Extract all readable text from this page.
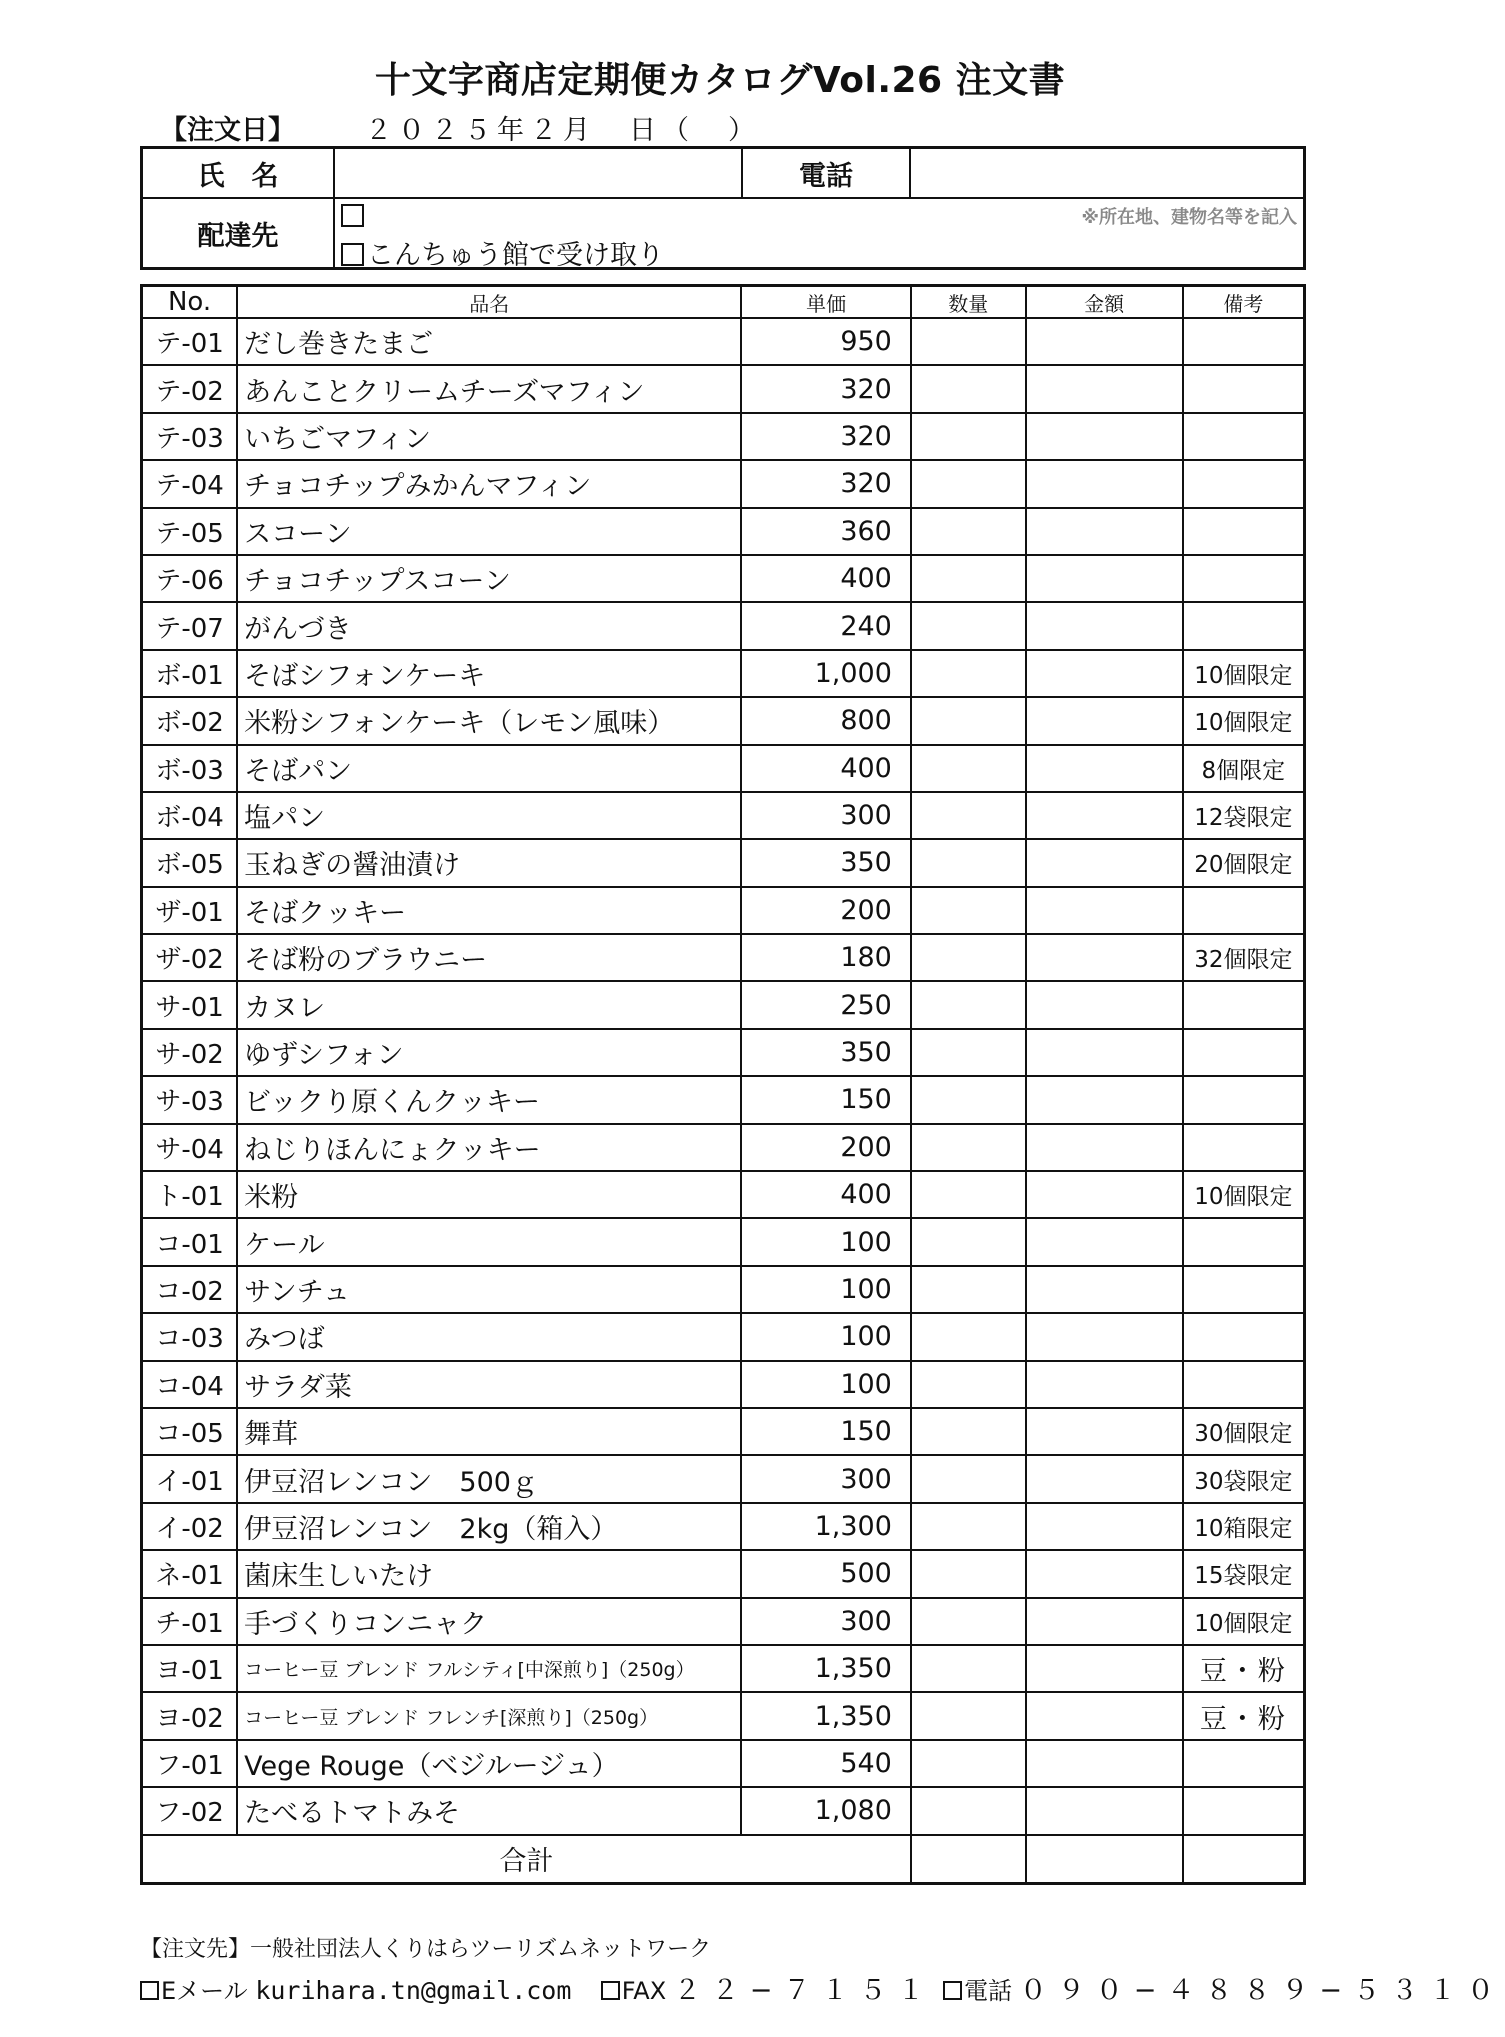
十文字商店定期便カタログVol.26 注文書
【注文日】	２０２５年２月　日（　）
氏　名		電話	
配達先	※所在地、建物名等を記入
こんちゅう館で受け取り		
No.	品名	単価	数量	金額	備考
テ-01	だし巻きたまご	950			
テ-02	あんことクリームチーズマフィン	320			
テ-03	いちごマフィン	320			
テ-04	チョコチップみかんマフィン	320			
テ-05	スコーン	360			
テ-06	チョコチップスコーン	400			
テ-07	がんづき	240			
ボ-01	そばシフォンケーキ	1,000			10個限定
ボ-02	米粉シフォンケーキ（レモン風味）	800			10個限定
ボ-03	そばパン	400			8個限定
ボ-04	塩パン	300			12袋限定
ボ-05	玉ねぎの醤油漬け	350			20個限定
ザ-01	そばクッキー	200			
ザ-02	そば粉のブラウニー	180			32個限定
サ-01	カヌレ	250			
サ-02	ゆずシフォン	350			
サ-03	ビックり原くんクッキー	150			
サ-04	ねじりほんにょクッキー	200			
ト-01	米粉	400			10個限定
コ-01	ケール	100			
コ-02	サンチュ	100			
コ-03	みつば	100			
コ-04	サラダ菜	100			
コ-05	舞茸	150			30個限定
イ-01	伊豆沼レンコン　500ｇ	300			30袋限定
イ-02	伊豆沼レンコン　2kg（箱入）	1,300			10箱限定
ネ-01	菌床生しいたけ	500			15袋限定
チ-01	手づくりコンニャク	300			10個限定
ヨ-01	コーヒー豆 ブレンド フルシティ[中深煎り]（250g）	1,350			豆・粉
ヨ-02	コーヒー豆 ブレンド フレンチ[深煎り]（250g）	1,350			豆・粉
フ-01	Vege Rouge（ベジルージュ）	540			
フ-02	たべるトマトみそ	1,080			
合計					
【注文先】一般社団法人くりはらツーリズムネットワーク
Eメール kurihara.tn@gmail.com FAX ２２−７１５１ 電話 ０９０−４８８９−５３１０
